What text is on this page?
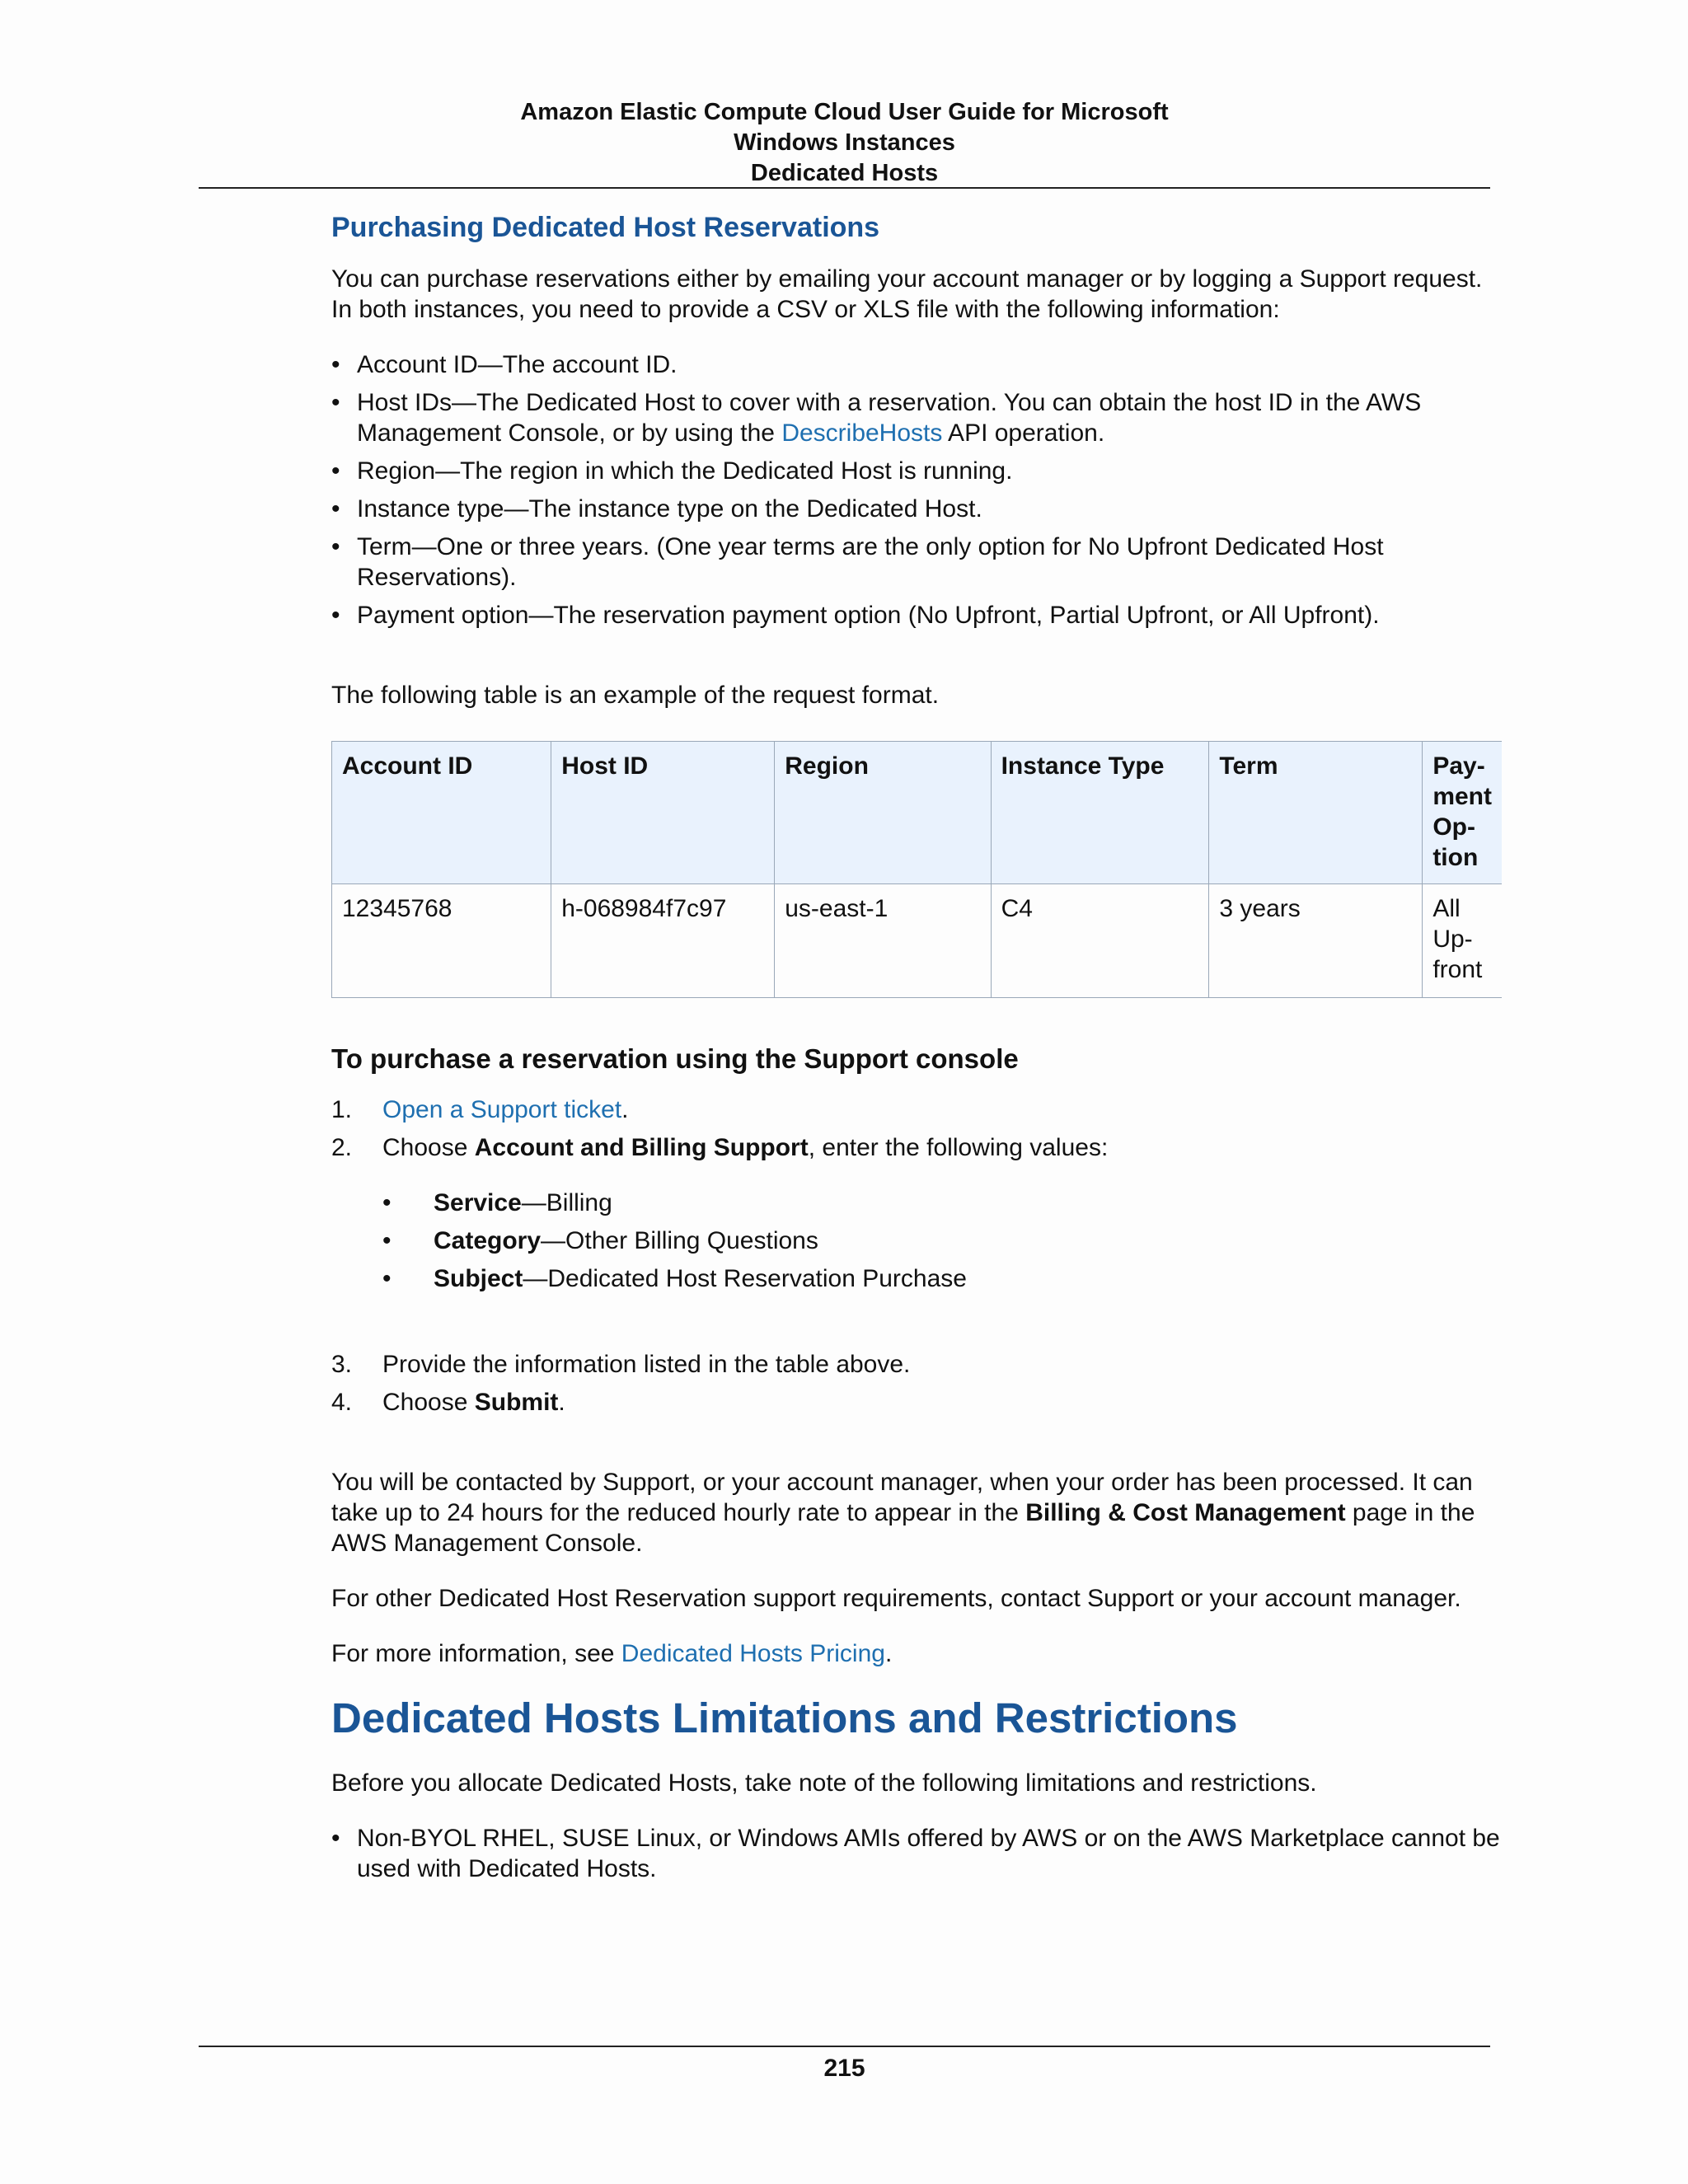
Amazon Elastic Compute Cloud User Guide for Microsoft
Windows Instances
Dedicated Hosts
Purchasing Dedicated Host Reservations

You can purchase reservations either by emailing your account manager or by logging a Support request. In both instances, you need to provide a CSV or XLS file with the following information:

• Account ID—The account ID.
• Host IDs—The Dedicated Host to cover with a reservation. You can obtain the host ID in the AWS Management Console, or by using the DescribeHosts API operation.
• Region—The region in which the Dedicated Host is running.
• Instance type—The instance type on the Dedicated Host.
• Term—One or three years. (One year terms are the only option for No Upfront Dedicated Host Reservations).
• Payment option—The reservation payment option (No Upfront, Partial Upfront, or All Upfront).

The following table is an example of the request format.

Account ID	Host ID	Region	Instance Type	Term	Pay-ment Op-tion
12345768	h-068984f7c97	us-east-1	C4	3 years	All Up-front
To purchase a reservation using the Support console
1. Open a Support ticket.
2. Choose Account and Billing Support, enter the following values:
• Service—Billing
• Category—Other Billing Questions
• Subject—Dedicated Host Reservation Purchase
3. Provide the information listed in the table above.
4. Choose Submit.

You will be contacted by Support, or your account manager, when your order has been processed. It can take up to 24 hours for the reduced hourly rate to appear in the Billing & Cost Management page in the AWS Management Console.

For other Dedicated Host Reservation support requirements, contact Support or your account manager.

For more information, see Dedicated Hosts Pricing.

Dedicated Hosts Limitations and Restrictions

Before you allocate Dedicated Hosts, take note of the following limitations and restrictions.

• Non-BYOL RHEL, SUSE Linux, or Windows AMIs offered by AWS or on the AWS Marketplace cannot be used with Dedicated Hosts.
215
